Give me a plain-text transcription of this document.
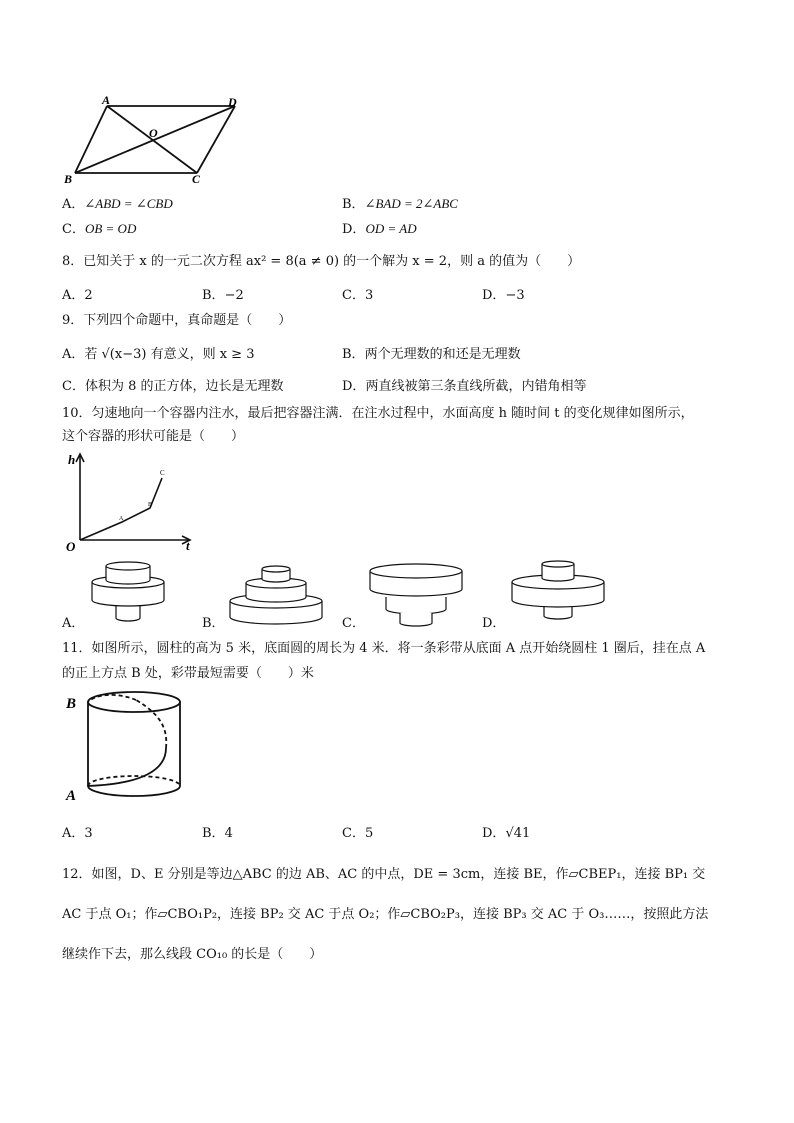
A	D
O
B	C
A．∠ABD = ∠CBD	B．∠BAD = 2∠ABC
C．OB = OD	D．OD = AD
8．已知关于 x 的一元二次方程 ax² = 8(a ≠ 0) 的一个解为 x = 2，则 a 的值为（　　）
A．2	B．−2	C．3	D．−3
9．下列四个命题中，真命题是（　　）
A．若 √(x−3) 有意义，则 x ≥ 3	B．两个无理数的和还是无理数
C．体积为 8 的正方体，边长是无理数	D．两直线被第三条直线所截，内错角相等
10．匀速地向一个容器内注水，最后把容器注满．在注水过程中，水面高度 h 随时间 t 的变化规律如图所示，
这个容器的形状可能是（　　）
h
t
O
A
B
C
A．	B．	C．	D．
11．如图所示，圆柱的高为 5 米，底面圆的周长为 4 米．将一条彩带从底面 A 点开始绕圆柱 1 圈后，挂在点 A
的正上方点 B 处，彩带最短需要（　　）米
B
A
A．3	B．4	C．5	D．√41
12．如图，D、E 分别是等边△ABC 的边 AB、AC 的中点，DE = 3cm，连接 BE，作▱CBEP₁，连接 BP₁ 交
AC 于点 O₁；作▱CBO₁P₂，连接 BP₂ 交 AC 于点 O₂；作▱CBO₂P₃，连接 BP₃ 交 AC 于 O₃……，按照此方法
继续作下去，那么线段 CO₁₀ 的长是（　　）
